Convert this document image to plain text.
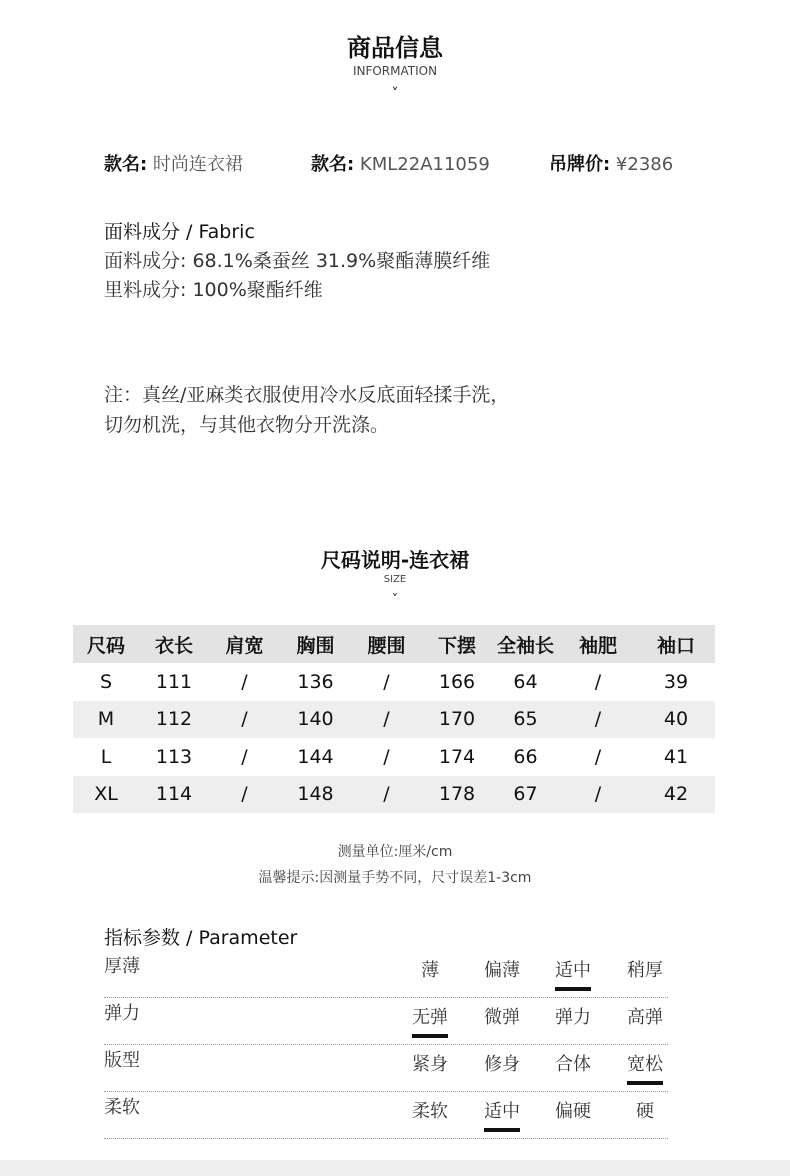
商品信息
INFORMATION
˅
款名: 时尚连衣裙	款名: KML22A11059	吊牌价: ¥2386
面料成分 / Fabric
面料成分: 68.1%桑蚕丝 31.9%聚酯薄膜纤维
里料成分: 100%聚酯纤维
注：真丝/亚麻类衣服使用冷水反底面轻揉手洗，
切勿机洗，与其他衣物分开洗涤。
尺码说明-连衣裙
SIZE
˅
尺码	衣长	肩宽	胸围	腰围	下摆	全袖长	袖肥	袖口
S	111	/	136	/	166	64	/	39
M	112	/	140	/	170	65	/	40
L	113	/	144	/	174	66	/	41
XL	114	/	148	/	178	67	/	42
测量单位:厘米/cm
温馨提示:因测量手势不同，尺寸误差1-3cm
指标参数 / Parameter
厚薄	薄	偏薄	适中	稍厚
弹力	无弹	微弹	弹力	高弹
版型	紧身	修身	合体	宽松
柔软	柔软	适中	偏硬	硬
